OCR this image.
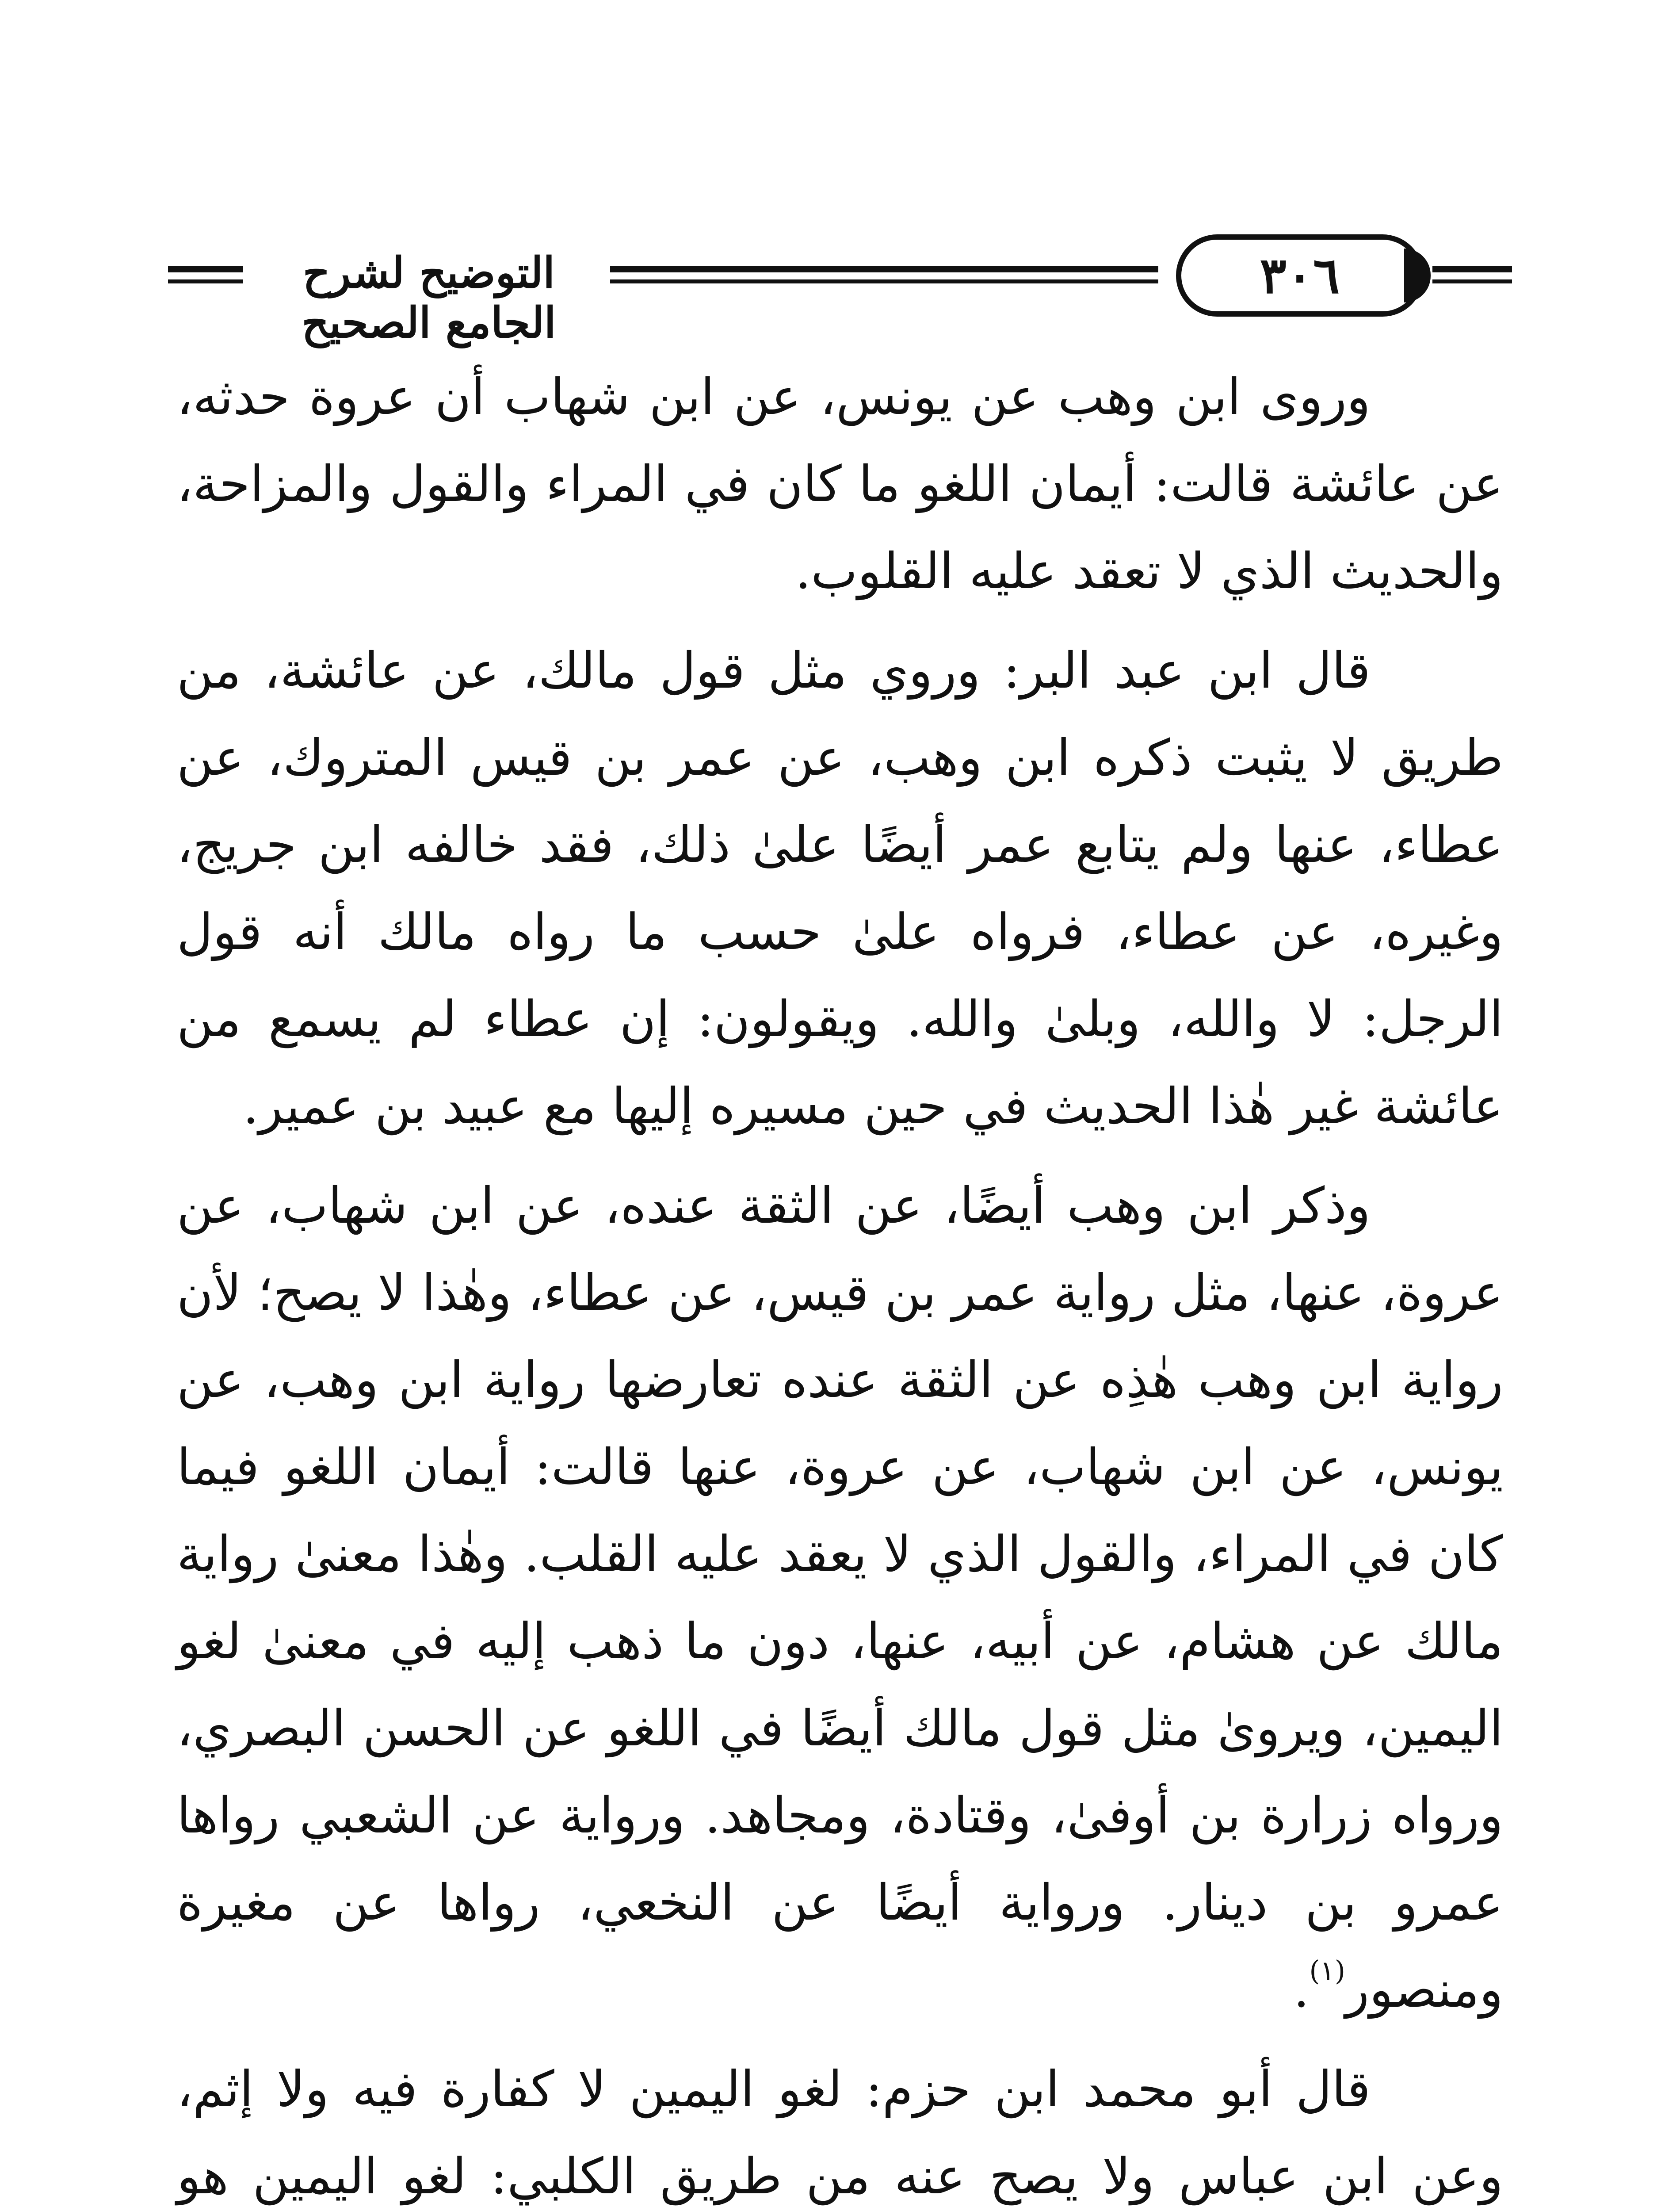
التوضيح لشرح الجامع الصحيح
٣٠٦

وروى ابن وهب عن يونس، عن ابن شهاب أن عروة حدثه، عن عائشة قالت: أيمان اللغو ما كان في المراء والقول والمزاحة، والحديث الذي لا تعقد عليه القلوب.

قال ابن عبد البر: وروي مثل قول مالك، عن عائشة، من طريق لا يثبت ذكره ابن وهب، عن عمر بن قيس المتروك، عن عطاء، عنها ولم يتابع عمر أيضًا علىٰ ذلك، فقد خالفه ابن جريج، وغيره، عن عطاء، فرواه علىٰ حسب ما رواه مالك أنه قول الرجل: لا والله، وبلىٰ والله. ويقولون: إن عطاء لم يسمع من عائشة غير هٰذا الحديث في حين مسيره إليها مع عبيد بن عمير.

وذكر ابن وهب أيضًا، عن الثقة عنده، عن ابن شهاب، عن عروة، عنها، مثل رواية عمر بن قيس، عن عطاء، وهٰذا لا يصح؛ لأن رواية ابن وهب هٰذِه عن الثقة عنده تعارضها رواية ابن وهب، عن يونس، عن ابن شهاب، عن عروة، عنها قالت: أيمان اللغو فيما كان في المراء، والقول الذي لا يعقد عليه القلب. وهٰذا معنىٰ رواية مالك عن هشام، عن أبيه، عنها، دون ما ذهب إليه في معنىٰ لغو اليمين، ويروىٰ مثل قول مالك أيضًا في اللغو عن الحسن البصري، ورواه زرارة بن أوفىٰ، وقتادة، ومجاهد. ورواية عن الشعبي رواها عمرو بن دينار. ورواية أيضًا عن النخعي، رواها عن مغيرة ومنصور$^{(١)}$.

قال أبو محمد ابن حزم: لغو اليمين لا كفارة فيه ولا إثم، وعن ابن عباس ولا يصح عنه من طريق الكلبي: لغو اليمين هو
